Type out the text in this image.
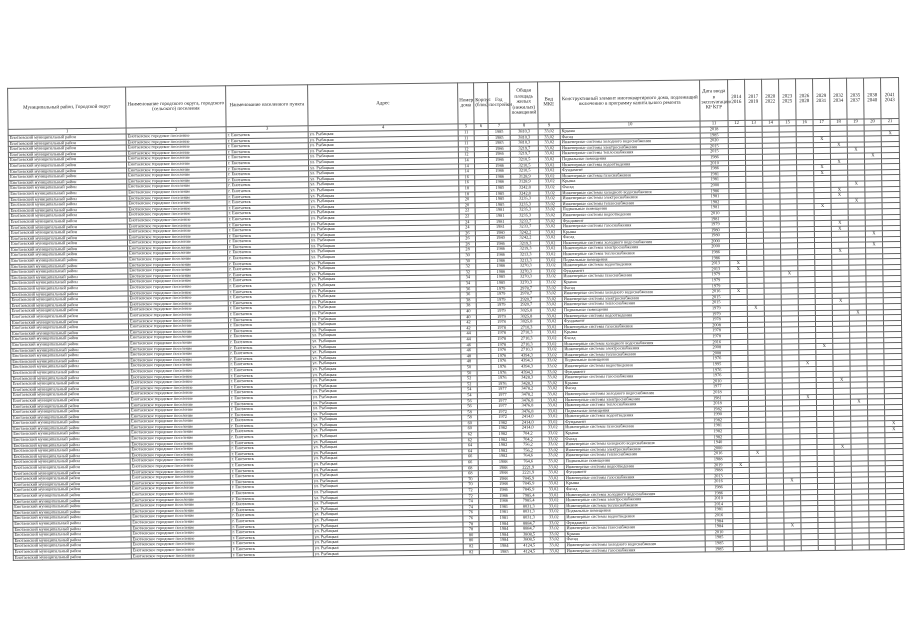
Муниципальный район, Городской округ	Наименование городского округа, городского (сельского) поселения	Наименование населенного пункта	Адрес	Номер дома	Корпус (блок)	Год постройки	Общая площадь жилых (нежилых) помещений	Вид МКЕ	Конструктивный элемент многоквартирного дома, подлежащий включению в программу капитального ремонта	Дата ввода в эксплуатацию КР КГР	2014 2016	2017 2019	2020 2022	2023 2025	2026 2028	2029 2031	2032 2034	2035 2037	2038 2040	2041 2043
1	2	3	4	5	6	7	8	9	10	11	12	13	14	15	16	17	18	19	20	21
Енотаевский муниципальный район	Енотаевское городское поселение	г. Енотаевск	ул. Рыбацкая	11		1985	3810,3	33,02	Крыша	2018										
Енотаевский муниципальный район	Енотаевское городское поселение	г. Енотаевск	ул. Рыбацкая	11		1985	3810,3	33,02	Фасад	1985										X
Енотаевский муниципальный район	Енотаевское городское поселение	г. Енотаевск	ул. Рыбацкая	11		1985	3810,3	33,02	Инженерные системы холодного водоснабжения	2020						X				
Енотаевский муниципальный район	Енотаевское городское поселение	г. Енотаевск	ул. Рыбацкая	12		1986	3219,7	33,02	Инженерные системы электроснабжения	2015							X			
Енотаевский муниципальный район	Енотаевское городское поселение	г. Енотаевск	ул. Рыбацкая	12		1986	3219,7	33,02	Инженерные системы теплоснабжения	2015								X		
Енотаевский муниципальный район	Енотаевское городское поселение	г. Енотаевск	ул. Рыбацкая	14		1986	3210,5	33,02	Подвальные помещения	1986									X	
Енотаевский муниципальный район	Енотаевское городское поселение	г. Енотаевск	ул. Рыбацкая	14		1986	3210,5	33,02	Инженерные системы водоотведения	2010							X			
Енотаевский муниципальный район	Енотаевское городское поселение	г. Енотаевск	ул. Рыбацкая	14		1986	3210,5	33,02	Фундамент	1986						X				
Енотаевский муниципальный район	Енотаевское городское поселение	г. Енотаевск	ул. Рыбацкая	16		1986	3128,9	33,02	Инженерные системы газоснабжения	1981						X				
Енотаевский муниципальный район	Енотаевское городское поселение	г. Енотаевск	ул. Рыбацкая	16		1986	3128,9	33,02	Крыша	1981										
Енотаевский муниципальный район	Енотаевское городское поселение	г. Енотаевск	ул. Рыбацкая	18		1985	3242,8	33,02	Фасад	2000								X		
Енотаевский муниципальный район	Енотаевское городское поселение	г. Енотаевск	ул. Рыбацкая	18		1985	3242,8	33,02	Инженерные системы холодного водоснабжения	1986							X			
Енотаевский муниципальный район	Енотаевское городское поселение	г. Енотаевск	ул. Рыбацкая	20		1985	3235,3	33,02	Инженерные системы электроснабжения	1981							X			
Енотаевский муниципальный район	Енотаевское городское поселение	г. Енотаевск	ул. Рыбацкая	20		1985	3235,3	33,02	Инженерные системы теплоснабжения	1982								X		
Енотаевский муниципальный район	Енотаевское городское поселение	г. Енотаевск	ул. Рыбацкая	22		1981	3235,3	33,02	Подвальные помещения	1981						X				
Енотаевский муниципальный район	Енотаевское городское поселение	г. Енотаевск	ул. Рыбацкая	22		1981	3235,3	33,02	Инженерные системы водоотведения	2010										
Енотаевский муниципальный район	Енотаевское городское поселение	г. Енотаевск	ул. Рыбацкая	24		1981	3233,7	33,02	Фундамент	1981										
Енотаевский муниципальный район	Енотаевское городское поселение	г. Енотаевск	ул. Рыбацкая	24		1981	3233,7	33,02	Инженерные системы газоснабжения	1979							X			
Енотаевский муниципальный район	Енотаевское городское поселение	г. Енотаевск	ул. Рыбацкая	26		1980	3242,2	33,02	Крыша	1980							X			
Енотаевский муниципальный район	Енотаевское городское поселение	г. Енотаевск	ул. Рыбацкая	26		1980	3242,2	33,02	Фасад	1980									X	
Енотаевский муниципальный район	Енотаевское городское поселение	г. Енотаевск	ул. Рыбацкая	28		1986	3219,3	33,02	Инженерные системы холодного водоснабжения	2000										
Енотаевский муниципальный район	Енотаевское городское поселение	г. Енотаевск	ул. Рыбацкая	28		1986	3219,3	33,02	Инженерные системы электроснабжения	2000									X	
Енотаевский муниципальный район	Енотаевское городское поселение	г. Енотаевск	ул. Рыбацкая	30		1986	3213,3	33,02	Инженерные системы теплоснабжения	1986							X			
Енотаевский муниципальный район	Енотаевское городское поселение	г. Енотаевск	ул. Рыбацкая	30		1986	3213,3	33,02	Подвальные помещения	1986										
Енотаевский муниципальный район	Енотаевское городское поселение	г. Енотаевск	ул. Рыбацкая	32		1986	3270,3	33,02	Инженерные системы водоотведения	2013	X									
Енотаевский муниципальный район	Енотаевское городское поселение	г. Енотаевск	ул. Рыбацкая	32		1986	3270,3	33,02	Фундамент	2013	X									
Енотаевский муниципальный район	Енотаевское городское поселение	г. Енотаевск	ул. Рыбацкая	34		1985	3270,3	33,02	Инженерные системы газоснабжения	1979				X						
Енотаевский муниципальный район	Енотаевское городское поселение	г. Енотаевск	ул. Рыбацкая	34		1985	3270,3	33,02	Крыша	1979										
Енотаевский муниципальный район	Енотаевское городское поселение	г. Енотаевск	ул. Рыбацкая	36		1979	2978,7	33,02	Фасад	1979										
Енотаевский муниципальный район	Енотаевское городское поселение	г. Енотаевск	ул. Рыбацкая	36		1979	2978,7	33,02	Инженерные системы холодного водоснабжения	2016	X									
Енотаевский муниципальный район	Енотаевское городское поселение	г. Енотаевск	ул. Рыбацкая	38		1979	2920,7	33,02	Инженерные системы электроснабжения	2015										
Енотаевский муниципальный район	Енотаевское городское поселение	г. Енотаевск	ул. Рыбацкая	38		1979	2920,7	33,02	Инженерные системы теплоснабжения	2015							X			
Енотаевский муниципальный район	Енотаевское городское поселение	г. Енотаевск	ул. Рыбацкая	40		1979	3025,8	33,02	Подвальные помещения	1979		X								
Енотаевский муниципальный район	Енотаевское городское поселение	г. Енотаевск	ул. Рыбацкая	40		1979	3025,8	33,02	Инженерные системы водоотведения	1979								X		
Енотаевский муниципальный район	Енотаевское городское поселение	г. Енотаевск	ул. Рыбацкая	42		1978	3025,8	33,02	Фундамент	1978										
Енотаевский муниципальный район	Енотаевское городское поселение	г. Енотаевск	ул. Рыбацкая	42		1978	2710,3	33,02	Инженерные системы газоснабжения	2008										
Енотаевский муниципальный район	Енотаевское городское поселение	г. Енотаевск	ул. Рыбацкая	44		1978	2710,3	33,02	Крыша	1978										
Енотаевский муниципальный район	Енотаевское городское поселение	г. Енотаевск	ул. Рыбацкая	44		1978	2710,3	33,02	Фасад	1978										
Енотаевский муниципальный район	Енотаевское городское поселение	г. Енотаевск	ул. Рыбацкая	46		1978	2710,3	33,02	Инженерные системы холодного водоснабжения	2016										
Енотаевский муниципальный район	Енотаевское городское поселение	г. Енотаевск	ул. Рыбацкая	46		1976	2710,3	33,02	Инженерные системы электроснабжения	2008						X				
Енотаевский муниципальный район	Енотаевское городское поселение	г. Енотаевск	ул. Рыбацкая	48		1976	4394,3	33,02	Инженерные системы теплоснабжения	2008										
Енотаевский муниципальный район	Енотаевское городское поселение	г. Енотаевск	ул. Рыбацкая	48		1976	4394,3	33,02	Подвальные помещения	1976										
Енотаевский муниципальный район	Енотаевское городское поселение	г. Енотаевск	ул. Рыбацкая	50		1976	4394,3	33,02	Инженерные системы водоотведения	1995					X					
Енотаевский муниципальный район	Енотаевское городское поселение	г. Енотаевск	ул. Рыбацкая	50		1976	4394,3	33,02	Фундамент	1976										
Енотаевский муниципальный район	Енотаевское городское поселение	г. Енотаевск	ул. Рыбацкая	52		1976	3428,3	33,02	Инженерные системы газоснабжения	1976										
Енотаевский муниципальный район	Енотаевское городское поселение	г. Енотаевск	ул. Рыбацкая	52		1976	3428,3	33,02	Крыша	2010							X			
Енотаевский муниципальный район	Енотаевское городское поселение	г. Енотаевск	ул. Рыбацкая	54		1977	3478,2	33,02	Фасад	1977										
Енотаевский муниципальный район	Енотаевское городское поселение	г. Енотаевск	ул. Рыбацкая	54		1977	3478,2	33,02	Инженерные системы холодного водоснабжения	2018										
Енотаевский муниципальный район	Енотаевское городское поселение	г. Енотаевск	ул. Рыбацкая	56		1977	3476,8	33,02	Инженерные системы электроснабжения	1981					X					
Енотаевский муниципальный район	Енотаевское городское поселение	г. Енотаевск	ул. Рыбацкая	56		1977	3476,8	33,02	Инженерные системы теплоснабжения	2018								X		
Енотаевский муниципальный район	Енотаевское городское поселение	г. Енотаевск	ул. Рыбацкая	58		1972	3476,8	33,02	Подвальные помещения	1982										
Енотаевский муниципальный район	Енотаевское городское поселение	г. Енотаевск	ул. Рыбацкая	58		1972	2414,0	33,02	Инженерные системы водоотведения	1990										
Енотаевский муниципальный район	Енотаевское городское поселение	г. Енотаевск	ул. Рыбацкая	60		1982	2414,0	33,02	Фундамент	1982										
Енотаевский муниципальный район	Енотаевское городское поселение	г. Енотаевск	ул. Рыбацкая	60		1982	2414,0	33,02	Инженерные системы газоснабжения	1981										X
Енотаевский муниципальный район	Енотаевское городское поселение	г. Енотаевск	ул. Рыбацкая	62		1982	704,2	33,02	Крыша	1982										X
Енотаевский муниципальный район	Енотаевское городское поселение	г. Енотаевск	ул. Рыбацкая	62		1982	704,2	33,02	Фасад	1982										
Енотаевский муниципальный район	Енотаевское городское поселение	г. Енотаевск	ул. Рыбацкая	64		1982	756,2	33,02	Инженерные системы холодного водоснабжения	1940										
Енотаевский муниципальный район	Енотаевское городское поселение	г. Енотаевск	ул. Рыбацкая	64		1982	756,2	33,02	Инженерные системы электроснабжения	2000							X			
Енотаевский муниципальный район	Енотаевское городское поселение	г. Енотаевск	ул. Рыбацкая	66		1982	764,6	33,02	Инженерные системы теплоснабжения	2016		X								
Енотаевский муниципальный район	Енотаевское городское поселение	г. Енотаевск	ул. Рыбацкая	66		1988	764,6	33,02	Подвальные помещения	1988										
Енотаевский муниципальный район	Енотаевское городское поселение	г. Енотаевск	ул. Рыбацкая	68		1988	2221,9	33,02	Инженерные системы водоотведения	2019	X									
Енотаевский муниципальный район	Енотаевское городское поселение	г. Енотаевск	ул. Рыбацкая	68		1988	2221,9	33,02	Фундамент	1988										
Енотаевский муниципальный район	Енотаевское городское поселение	г. Енотаевск	ул. Рыбацкая	70		1988	7845,9	33,02	Инженерные системы газоснабжения	2013										
Енотаевский муниципальный район	Енотаевское городское поселение	г. Енотаевск	ул. Рыбацкая	70		1988	7845,9	33,02	Крыша	2016				X						
Енотаевский муниципальный район	Енотаевское городское поселение	г. Енотаевск	ул. Рыбацкая	72		1986	7845,9	33,02	Фасад	1986										
Енотаевский муниципальный район	Енотаевское городское поселение	г. Енотаевск	ул. Рыбацкая	72		1986	7985,4	33,02	Инженерные системы холодного водоснабжения	1986										
Енотаевский муниципальный район	Енотаевское городское поселение	г. Енотаевск	ул. Рыбацкая	74		1986	7985,4	33,02	Инженерные системы электроснабжения	2010										
Енотаевский муниципальный район	Енотаевское городское поселение	г. Енотаевск	ул. Рыбацкая	74		1981	8031,3	33,02	Инженерные системы теплоснабжения	2014										
Енотаевский муниципальный район	Енотаевское городское поселение	г. Енотаевск	ул. Рыбацкая	76		1981	8031,3	33,02	Подвальные помещения	1981										
Енотаевский муниципальный район	Енотаевское городское поселение	г. Енотаевск	ул. Рыбацкая	76		1981	8031,3	33,02	Инженерные системы водоотведения	2016										
Енотаевский муниципальный район	Енотаевское городское поселение	г. Енотаевск	ул. Рыбацкая	78		1984	8884,7	33,02	Фундамент	1984										
Енотаевский муниципальный район	Енотаевское городское поселение	г. Енотаевск	ул. Рыбацкая	78		1984	8884,7	33,02	Инженерные системы газоснабжения	1984				X						
Енотаевский муниципальный район	Енотаевское городское поселение	г. Енотаевск	ул. Рыбацкая	80		1984	3808,5	33,02	Крыша	2010										
Енотаевский муниципальный район	Енотаевское городское поселение	г. Енотаевск	ул. Рыбацкая	80		1984	3808,5	33,02	Фасад	1985										
Енотаевский муниципальный район	Енотаевское городское поселение	г. Енотаевск	ул. Рыбацкая	82		1984	4124,5	33,02	Инженерные системы холодного водоснабжения	1985										
Енотаевский муниципальный район	Енотаевское городское поселение	г. Енотаевск	ул. Рыбацкая	82		1985	4124,5	33,02	Инженерные системы газоснабжения	1985										
